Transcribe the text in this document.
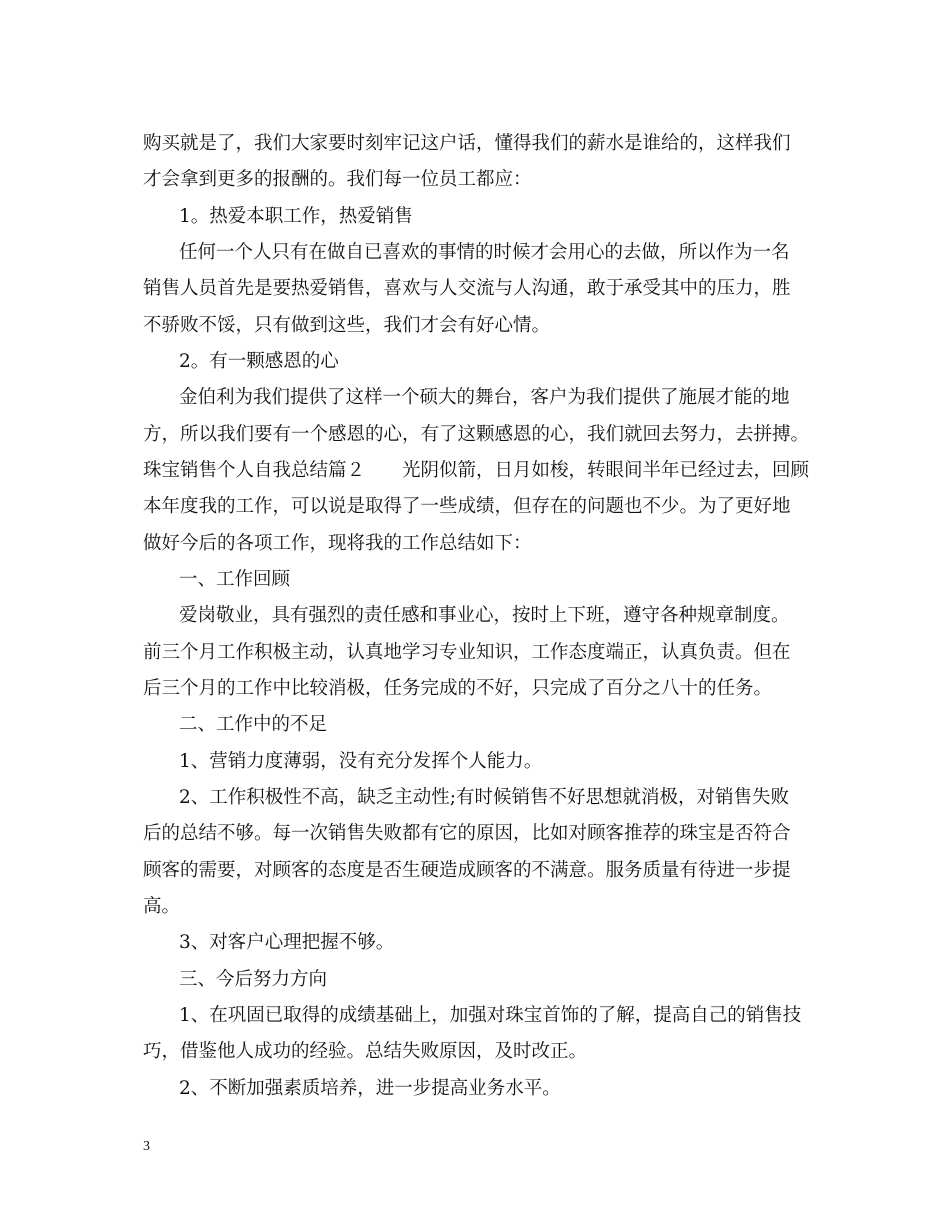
购买就是了，我们大家要时刻牢记这户话，懂得我们的薪水是谁给的，这样我们
才会拿到更多的报酬的。我们每一位员工都应：
1。热爱本职工作，热爱销售
任何一个人只有在做自已喜欢的事情的时候才会用心的去做，所以作为一名
销售人员首先是要热爱销售，喜欢与人交流与人沟通，敢于承受其中的压力，胜
不骄败不馁，只有做到这些，我们才会有好心情。
2。有一颗感恩的心
金伯利为我们提供了这样一个硕大的舞台，客户为我们提供了施展才能的地
方，所以我们要有一个感恩的心，有了这颗感恩的心，我们就回去努力，去拼搏。
珠宝销售个人自我总结篇２　　光阴似箭，日月如梭，转眼间半年已经过去，回顾
本年度我的工作，可以说是取得了一些成绩，但存在的问题也不少。为了更好地
做好今后的各项工作，现将我的工作总结如下：
一、工作回顾
爱岗敬业，具有强烈的责任感和事业心，按时上下班，遵守各种规章制度。
前三个月工作积极主动，认真地学习专业知识，工作态度端正，认真负责。但在
后三个月的工作中比较消极，任务完成的不好，只完成了百分之八十的任务。
二、工作中的不足
1、营销力度薄弱，没有充分发挥个人能力。
2、工作积极性不高，缺乏主动性;有时候销售不好思想就消极，对销售失败
后的总结不够。每一次销售失败都有它的原因，比如对顾客推荐的珠宝是否符合
顾客的需要，对顾客的态度是否生硬造成顾客的不满意。服务质量有待进一步提
高。
3、对客户心理把握不够。
三、今后努力方向
1、在巩固已取得的成绩基础上，加强对珠宝首饰的了解，提高自己的销售技
巧，借鉴他人成功的经验。总结失败原因，及时改正。
2、不断加强素质培养，进一步提高业务水平。
3
